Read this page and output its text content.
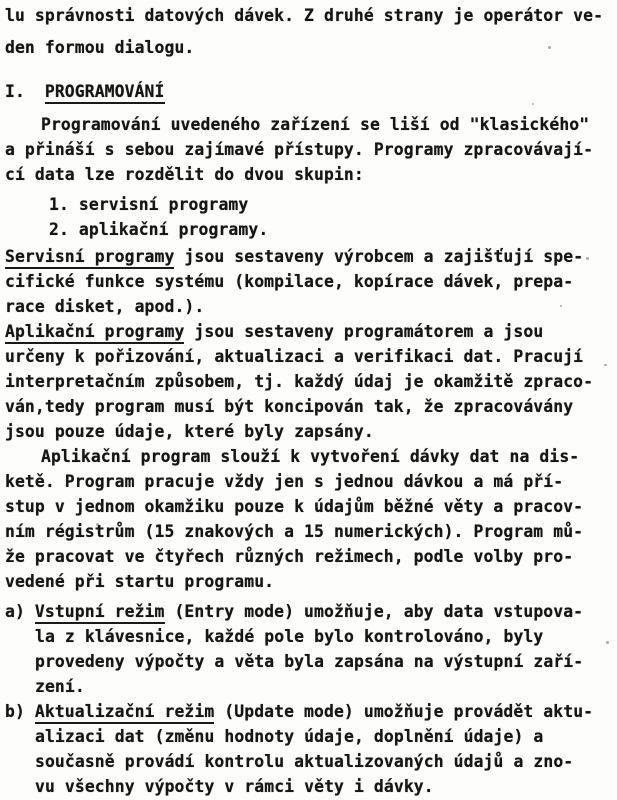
lu správnosti datových dávek. Z druhé strany je operátor ve-
den formou dialogu.
I.  PROGRAMOVÁNÍ
Programování uvedeného zařízení se liší od "klasického"
a přináší s sebou zajímavé přístupy. Programy zpracovávají-
cí data lze rozdělit do dvou skupin:
1. servisní programy
2. aplikační programy.
Servisní programy jsou sestaveny výrobcem a zajišťují spe-
cifické funkce systému (kompilace, kopírace dávek, prepa-
race disket, apod.).
Aplikační programy jsou sestaveny programátorem a jsou
určeny k pořizování, aktualizaci a verifikaci dat. Pracují
interpretačním způsobem, tj. každý údaj je okamžitě zpraco-
ván,tedy program musí být koncipován tak, že zpracovávány
jsou pouze údaje, které byly zapsány.
Aplikační program slouží k vytvoření dávky dat na dis-
ketě. Program pracuje vždy jen s jednou dávkou a má pří-
stup v jednom okamžiku pouze k údajům běžné věty a pracov-
ním régistrům (15 znakových a 15 numerických). Program mů-
že pracovat ve čtyřech různých režimech, podle volby pro-
vedené při startu programu.
a) Vstupní režim (Entry mode) umožňuje, aby data vstupova-
la z klávesnice, každé pole bylo kontrolováno, byly
provedeny výpočty a věta byla zapsána na výstupní zaří-
zení.
b) Aktualizační režim (Update mode) umožňuje provádět aktu-
alizaci dat (změnu hodnoty údaje, doplnění údaje) a
současně provádí kontrolu aktualizovaných údajů a zno-
vu všechny výpočty v rámci věty i dávky.
